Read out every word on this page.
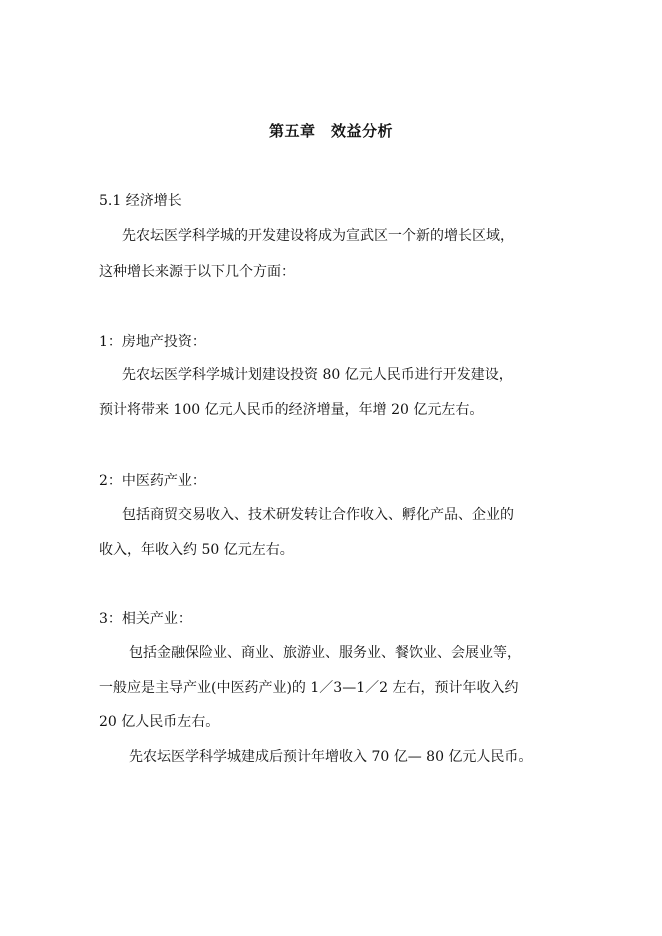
第五章　效益分析
5.1 经济增长
先农坛医学科学城的开发建设将成为宣武区一个新的增长区域，
这种增长来源于以下几个方面：
1：房地产投资：
先农坛医学科学城计划建设投资 80 亿元人民币进行开发建设，
预计将带来 100 亿元人民币的经济增量，年增 20 亿元左右。
2：中医药产业：
包括商贸交易收入、技术研发转让合作收入、孵化产品、企业的
收入，年收入约 50 亿元左右。
3：相关产业：
包括金融保险业、商业、旅游业、服务业、餐饮业、会展业等，
一般应是主导产业(中医药产业)的 1／3—1／2 左右，预计年收入约
20 亿人民币左右。
先农坛医学科学城建成后预计年增收入 70 亿— 80 亿元人民币。
